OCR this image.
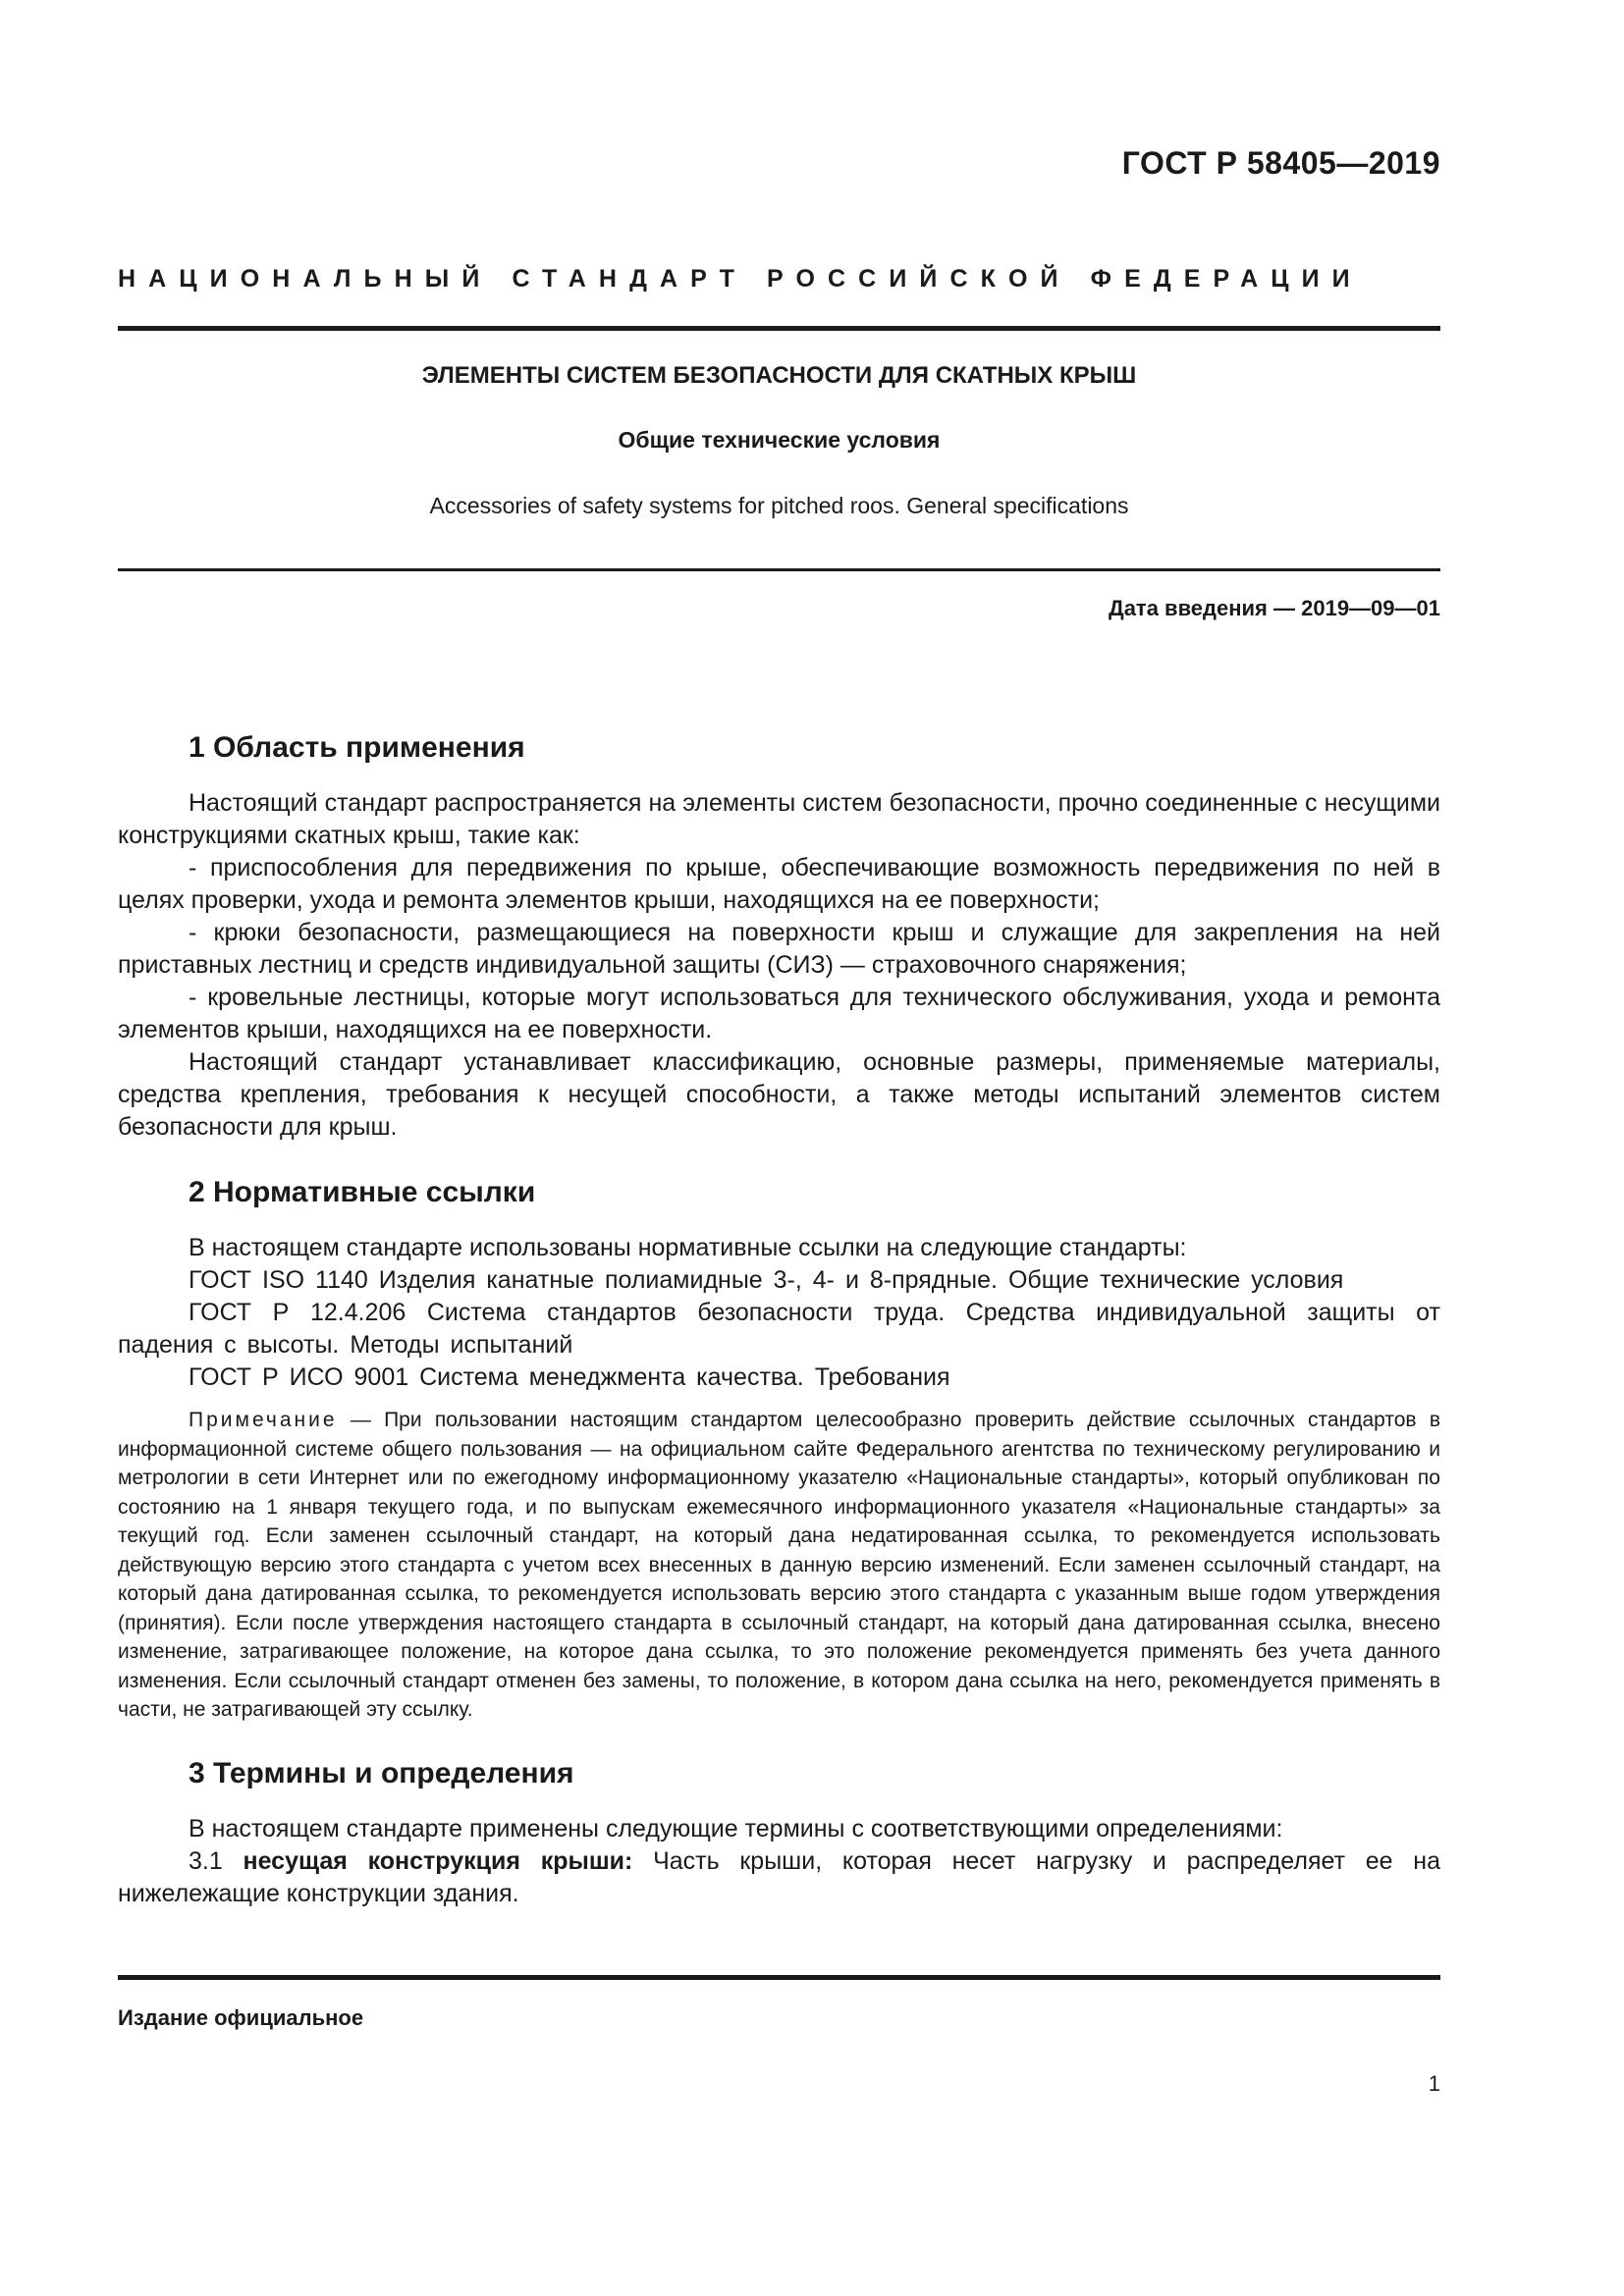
ГОСТ Р 58405—2019
НАЦИОНАЛЬНЫЙ СТАНДАРТ РОССИЙСКОЙ ФЕДЕРАЦИИ
ЭЛЕМЕНТЫ СИСТЕМ БЕЗОПАСНОСТИ ДЛЯ СКАТНЫХ КРЫШ
Общие технические условия
Accessories of safety systems for pitched roos. General specifications
Дата введения — 2019—09—01
1 Область применения

Настоящий стандарт распространяется на элементы систем безопасности, прочно соединенные с несущими конструкциями скатных крыш, такие как:

- приспособления для передвижения по крыше, обеспечивающие возможность передвижения по ней в целях проверки, ухода и ремонта элементов крыши, находящихся на ее поверхности;

- крюки безопасности, размещающиеся на поверхности крыш и служащие для закрепления на ней приставных лестниц и средств индивидуальной защиты (СИЗ) — страховочного снаряжения;

- кровельные лестницы, которые могут использоваться для технического обслуживания, ухода и ремонта элементов крыши, находящихся на ее поверхности.

Настоящий стандарт устанавливает классификацию, основные размеры, применяемые материалы, средства крепления, требования к несущей способности, а также методы испытаний элементов систем безопасности для крыш.

2 Нормативные ссылки

В настоящем стандарте использованы нормативные ссылки на следующие стандарты:

ГОСТ ISO 1140 Изделия канатные полиамидные 3-, 4- и 8-прядные. Общие технические условия

ГОСТ Р 12.4.206 Система стандартов безопасности труда. Средства индивидуальной защиты от падения с высоты. Методы испытаний

ГОСТ Р ИСО 9001 Система менеджмента качества. Требования

Примечание — При пользовании настоящим стандартом целесообразно проверить действие ссылочных стандартов в информационной системе общего пользования — на официальном сайте Федерального агентства по техническому регулированию и метрологии в сети Интернет или по ежегодному информационному указателю «Национальные стандарты», который опубликован по состоянию на 1 января текущего года, и по выпускам ежемесячного информационного указателя «Национальные стандарты» за текущий год. Если заменен ссылочный стандарт, на который дана недатированная ссылка, то рекомендуется использовать действующую версию этого стандарта с учетом всех внесенных в данную версию изменений. Если заменен ссылочный стандарт, на который дана датированная ссылка, то рекомендуется использовать версию этого стандарта с указанным выше годом утверждения (принятия). Если после утверждения настоящего стандарта в ссылочный стандарт, на который дана датированная ссылка, внесено изменение, затрагивающее положение, на которое дана ссылка, то это положение рекомендуется применять без учета данного изменения. Если ссылочный стандарт отменен без замены, то положение, в котором дана ссылка на него, рекомендуется применять в части, не затрагивающей эту ссылку.

3 Термины и определения

В настоящем стандарте применены следующие термины с соответствующими определениями:

3.1 несущая конструкция крыши: Часть крыши, которая несет нагрузку и распределяет ее на нижележащие конструкции здания.

Издание официальное
1
